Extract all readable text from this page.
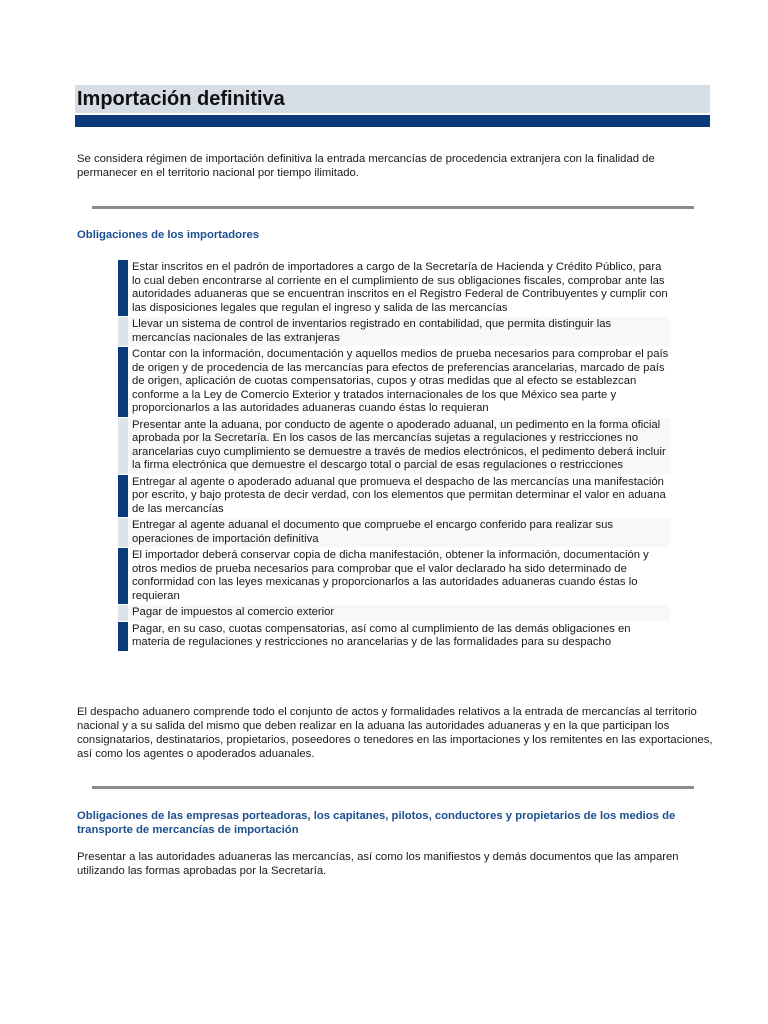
Importación definitiva
Se considera régimen de importación definitiva la entrada mercancías de procedencia extranjera con la finalidad de permanecer en el territorio nacional por tiempo ilimitado.
Obligaciones de los importadores
Estar inscritos en el padrón de importadores a cargo de la Secretaría de Hacienda y Crédito Público, para lo cual deben encontrarse al corriente en el cumplimiento de sus obligaciones fiscales, comprobar ante las autoridades aduaneras que se encuentran inscritos en el Registro Federal de Contribuyentes y cumplir con las disposiciones legales que regulan el ingreso y salida de las mercancías
Llevar un sistema de control de inventarios registrado en contabilidad, que permita distinguir las mercancías nacionales de las extranjeras
Contar con la información, documentación y aquellos medios de prueba necesarios para comprobar el país de origen y de procedencia de las mercancías para efectos de preferencias arancelarias, marcado de país de origen, aplicación de cuotas compensatorias, cupos y otras medidas que al efecto se establezcan conforme a la Ley de Comercio Exterior y tratados internacionales de los que México sea parte y proporcionarlos a las autoridades aduaneras cuando éstas lo requieran
Presentar ante la aduana, por conducto de agente o apoderado aduanal, un pedimento en la forma oficial aprobada por la Secretaría. En los casos de las mercancías sujetas a regulaciones y restricciones no arancelarias cuyo cumplimiento se demuestre a través de medios electrónicos, el pedimento deberá incluir la firma electrónica que demuestre el descargo total o parcial de esas regulaciones o restricciones
Entregar al agente o apoderado aduanal que promueva el despacho de las mercancías una manifestación por escrito, y bajo protesta de decir verdad, con los elementos que permitan determinar el valor en aduana de las mercancías
Entregar al agente aduanal el documento que compruebe el encargo conferido para realizar sus operaciones de importación definitiva
El importador deberá conservar copia de dicha manifestación, obtener la información, documentación y otros medios de prueba necesarios para comprobar que el valor declarado ha sido determinado de conformidad con las leyes mexicanas y proporcionarlos a las autoridades aduaneras cuando éstas lo requieran
Pagar de impuestos al comercio exterior
Pagar, en su caso, cuotas compensatorias, así como al cumplimiento de las demás obligaciones en materia de regulaciones y restricciones no arancelarias y de las formalidades para su despacho
El despacho aduanero comprende todo el conjunto de actos y formalidades relativos a la entrada de mercancías al territorio nacional y a su salida del mismo que deben realizar en la aduana las autoridades aduaneras y en la que participan los consignatarios, destinatarios, propietarios, poseedores o tenedores en las importaciones y los remitentes en las exportaciones, así como los agentes o apoderados aduanales.
Obligaciones de las empresas porteadoras, los capitanes, pilotos, conductores y propietarios de los medios de transporte de mercancías de importación
Presentar a las autoridades aduaneras las mercancías, así como los manifiestos y demás documentos que las amparen utilizando las formas aprobadas por la Secretaría.
